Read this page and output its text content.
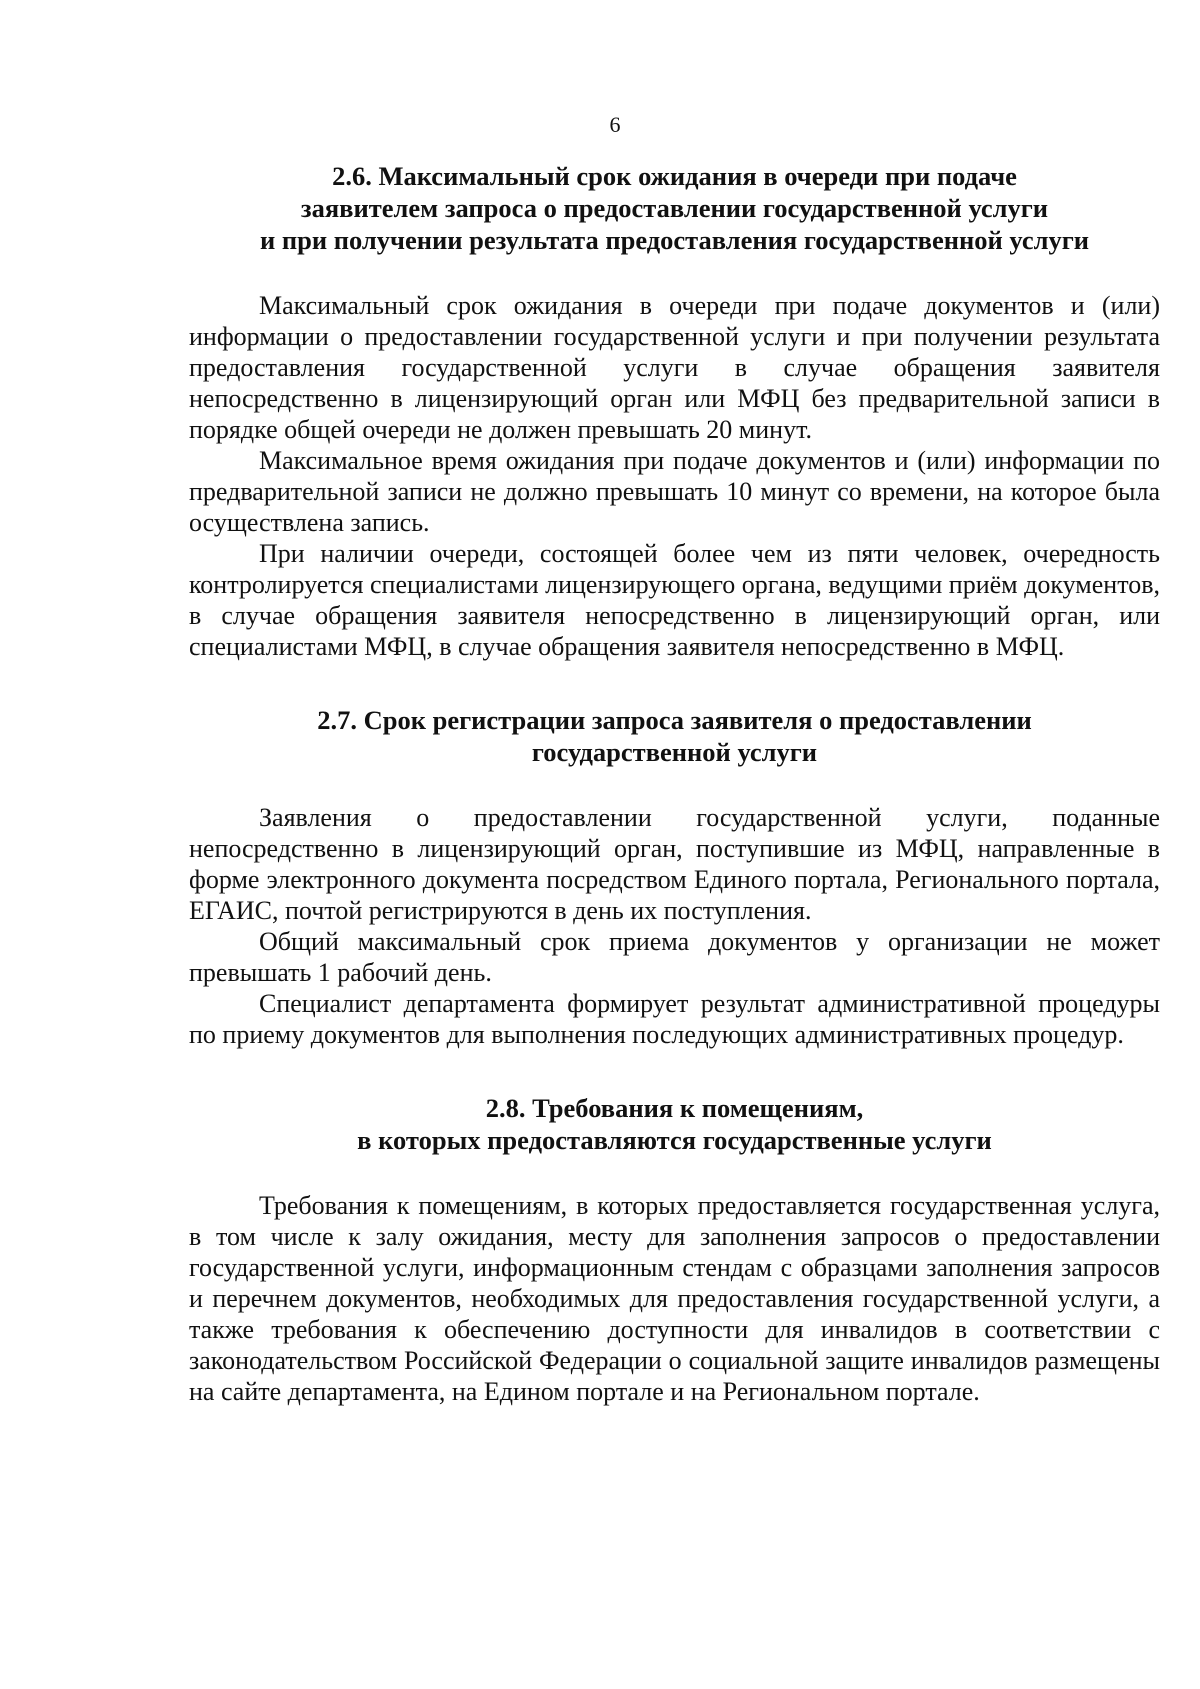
6
2.6. Максимальный срок ожидания в очереди при подаче
заявителем запроса о предоставлении государственной услуги
и при получении результата предоставления государственной услуги

Максимальный срок ожидания в очереди при подаче документов и (или) информации о предоставлении государственной услуги и при получении результата предоставления государственной услуги в случае обращения заявителя непосредственно в лицензирующий орган или МФЦ без предварительной записи в порядке общей очереди не должен превышать 20 минут.

Максимальное время ожидания при подаче документов и (или) информации по предварительной записи не должно превышать 10 минут со времени, на которое была осуществлена запись.

При наличии очереди, состоящей более чем из пяти человек, очередность контролируется специалистами лицензирующего органа, ведущими приём документов, в случае обращения заявителя непосредственно в лицензирующий орган, или специалистами МФЦ, в случае обращения заявителя непосредственно в МФЦ.

2.7. Срок регистрации запроса заявителя о предоставлении
государственной услуги

Заявления о предоставлении государственной услуги, поданные непосредственно в лицензирующий орган, поступившие из МФЦ, направленные в форме электронного документа посредством Единого портала, Регионального портала, ЕГАИС, почтой регистрируются в день их поступления.

Общий максимальный срок приема документов у организации не может превышать 1 рабочий день.

Специалист департамента формирует результат административной процедуры по приему документов для выполнения последующих административных процедур.

2.8. Требования к помещениям,
в которых предоставляются государственные услуги

Требования к помещениям, в которых предоставляется государственная услуга, в том числе к залу ожидания, месту для заполнения запросов о предоставлении государственной услуги, информационным стендам с образцами заполнения запросов и перечнем документов, необходимых для предоставления государственной услуги, а также требования к обеспечению доступности для инвалидов в соответствии с законодательством Российской Федерации о социальной защите инвалидов размещены на сайте департамента, на Едином портале и на Региональном портале.
